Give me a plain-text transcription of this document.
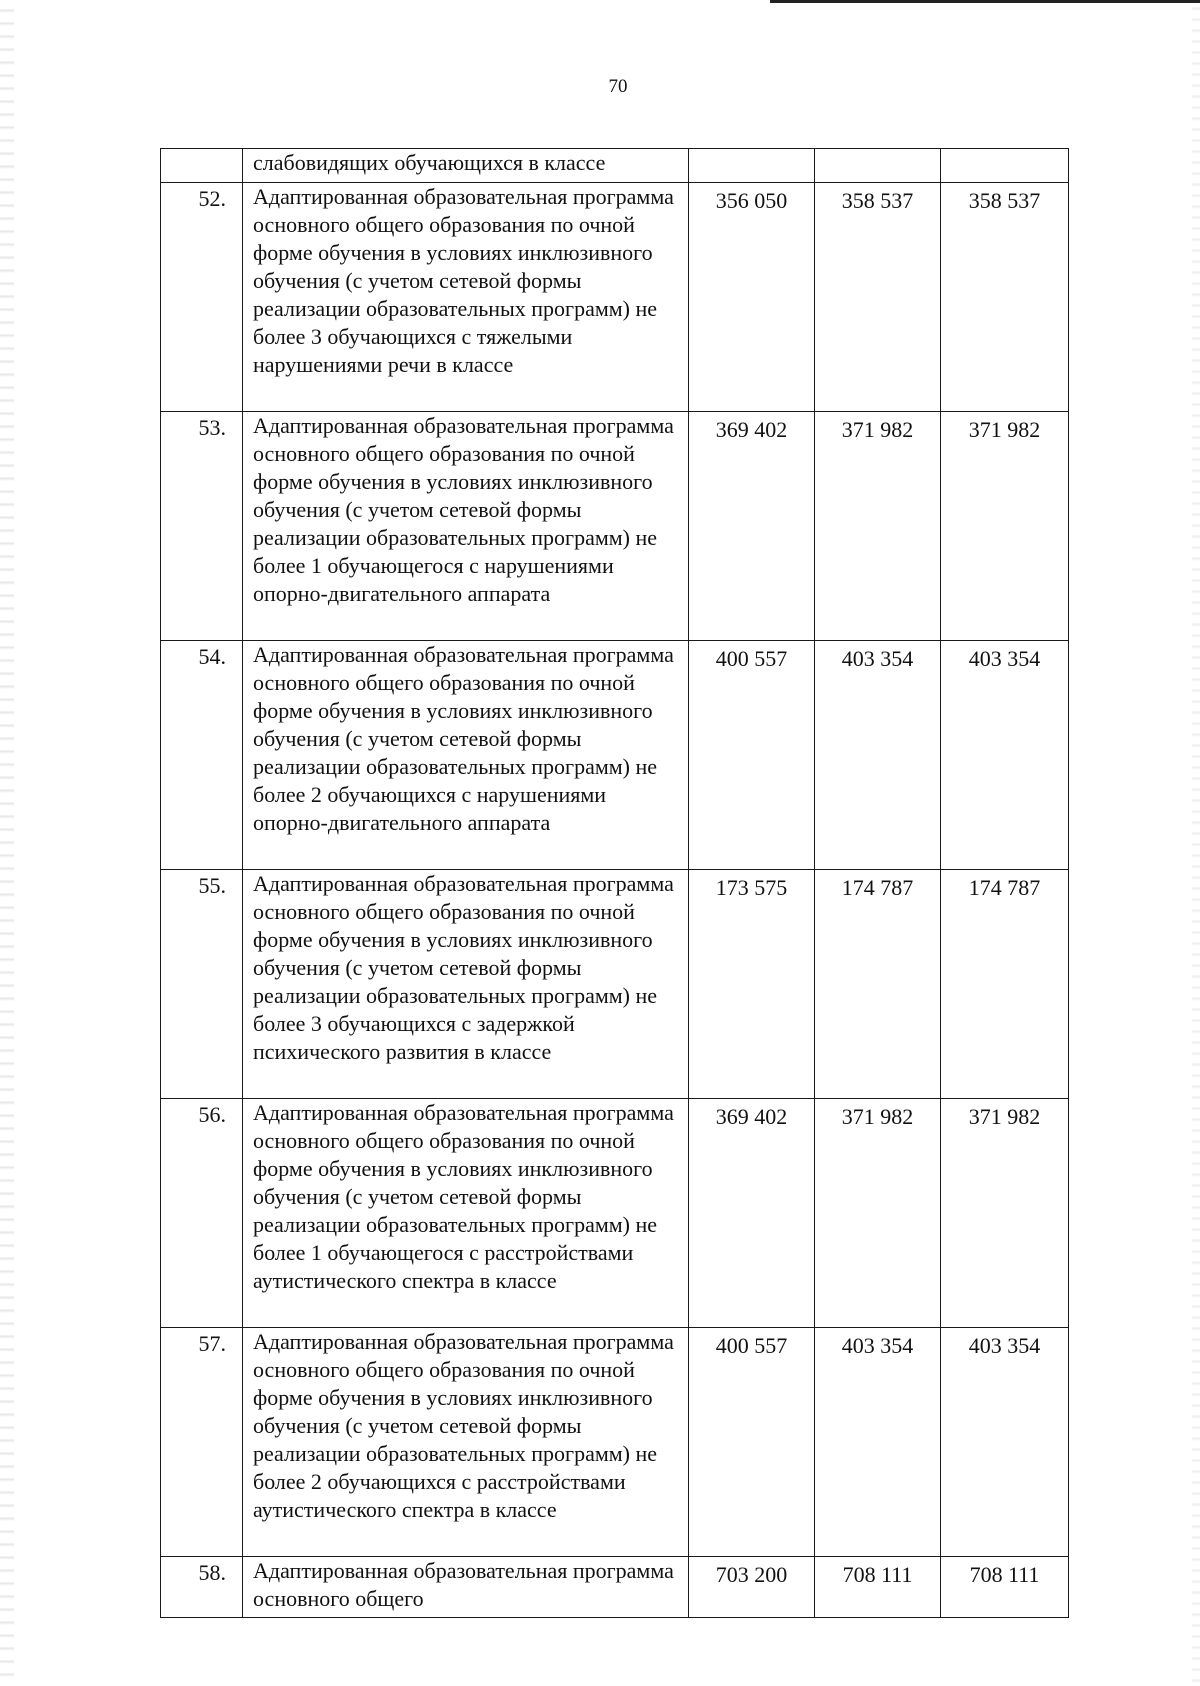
70
	слабовидящих обучающихся в классе			
52.	Адаптированная образовательная программа основного общего образования по очной форме обучения в условиях инклюзивного обучения (с учетом сетевой формы реализации образовательных программ) не более 3 обучающихся с тяжелыми нарушениями речи в классе	356 050	358 537	358 537
53.	Адаптированная образовательная программа основного общего образования по очной форме обучения в условиях инклюзивного обучения (с учетом сетевой формы реализации образовательных программ) не более 1 обучающегося с нарушениями опорно-двигательного аппарата	369 402	371 982	371 982
54.	Адаптированная образовательная программа основного общего образования по очной форме обучения в условиях инклюзивного обучения (с учетом сетевой формы реализации образовательных программ) не более 2 обучающихся с нарушениями опорно-двигательного аппарата	400 557	403 354	403 354
55.	Адаптированная образовательная программа основного общего образования по очной форме обучения в условиях инклюзивного обучения (с учетом сетевой формы реализации образовательных программ) не более 3 обучающихся с задержкой психического развития в классе	173 575	174 787	174 787
56.	Адаптированная образовательная программа основного общего образования по очной форме обучения в условиях инклюзивного обучения (с учетом сетевой формы реализации образовательных программ) не более 1 обучающегося с расстройствами аутистического спектра в классе	369 402	371 982	371 982
57.	Адаптированная образовательная программа основного общего образования по очной форме обучения в условиях инклюзивного обучения (с учетом сетевой формы реализации образовательных программ) не более 2 обучающихся с расстройствами аутистического спектра в классе	400 557	403 354	403 354
58.	Адаптированная образовательная программа основного общего	703 200	708 111	708 111
